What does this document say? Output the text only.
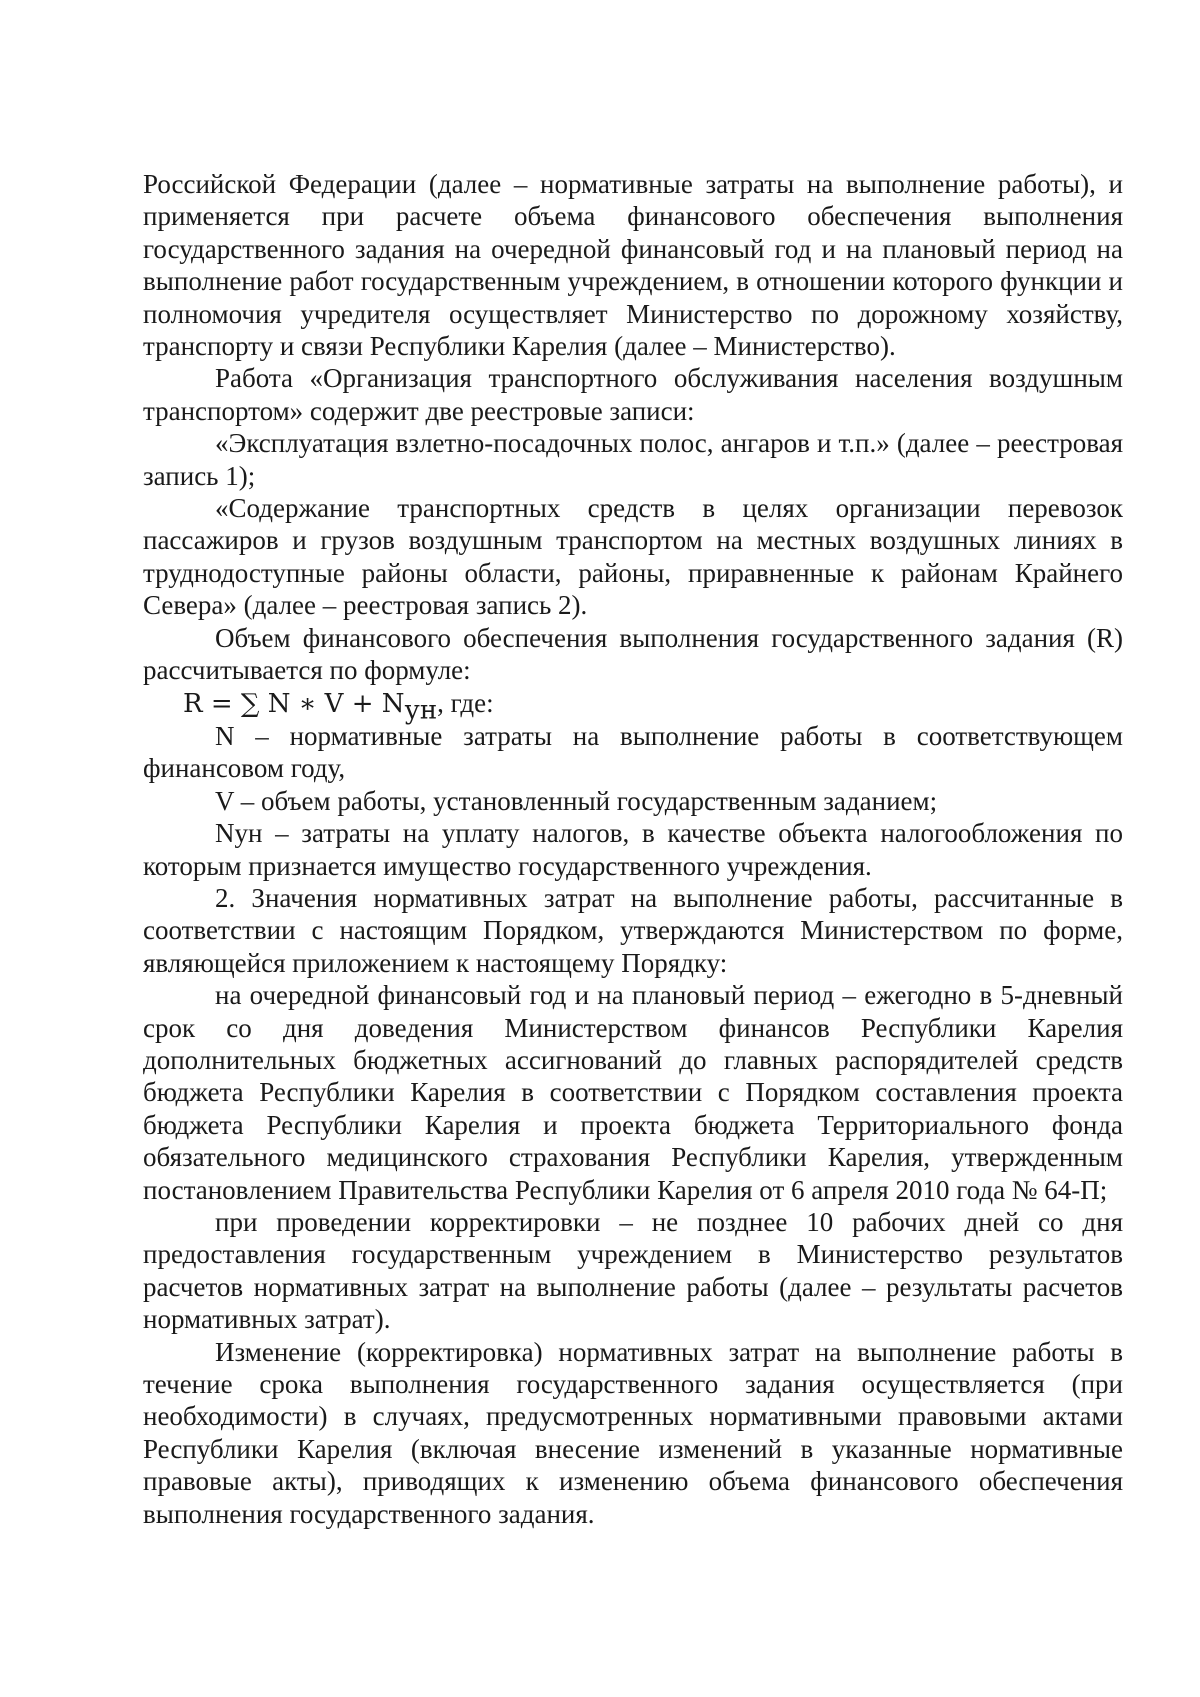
Российской Федерации (далее – нормативные затраты на выполнение работы), и применяется при расчете объема финансового обеспечения выполнения государственного задания на очередной финансовый год и на плановый период на выполнение работ государственным учреждением, в отношении которого функции и полномочия учредителя осуществляет Министерство по дорожному хозяйству, транспорту и связи Республики Карелия (далее – Министерство).

Работа «Организация транспортного обслуживания населения воздушным транспортом» содержит две реестровые записи:

«Эксплуатация взлетно-посадочных полос, ангаров и т.п.» (далее – реестровая запись 1);

«Содержание транспортных средств в целях организации перевозок пассажиров и грузов воздушным транспортом на местных воздушных линиях в труднодоступные районы области, районы, приравненные к районам Крайнего Севера» (далее – реестровая запись 2).

Объем финансового обеспечения выполнения государственного задания (R) рассчитывается по формуле:

R = ∑ N ∗ $V + N_{ун}$, где:

N – нормативные затраты на выполнение работы в соответствующем финансовом году,

V – объем работы, установленный государственным заданием;

Nун – затраты на уплату налогов, в качестве объекта налогообложения по которым признается имущество государственного учреждения.

2. Значения нормативных затрат на выполнение работы, рассчитанные в соответствии с настоящим Порядком, утверждаются Министерством по форме, являющейся приложением к настоящему Порядку:

на очередной финансовый год и на плановый период – ежегодно в 5-дневный срок со дня доведения Министерством финансов Республики Карелия дополнительных бюджетных ассигнований до главных распорядителей средств бюджета Республики Карелия в соответствии с Порядком составления проекта бюджета Республики Карелия и проекта бюджета Территориального фонда обязательного медицинского страхования Республики Карелия, утвержденным постановлением Правительства Республики Карелия от 6 апреля 2010 года № 64-П;

при проведении корректировки – не позднее 10 рабочих дней со дня предоставления государственным учреждением в Министерство результатов расчетов нормативных затрат на выполнение работы (далее – результаты расчетов нормативных затрат).

Изменение (корректировка) нормативных затрат на выполнение работы в течение срока выполнения государственного задания осуществляется (при необходимости) в случаях, предусмотренных нормативными правовыми актами Республики Карелия (включая внесение изменений в указанные нормативные правовые акты), приводящих к изменению объема финансового обеспечения выполнения государственного задания.
